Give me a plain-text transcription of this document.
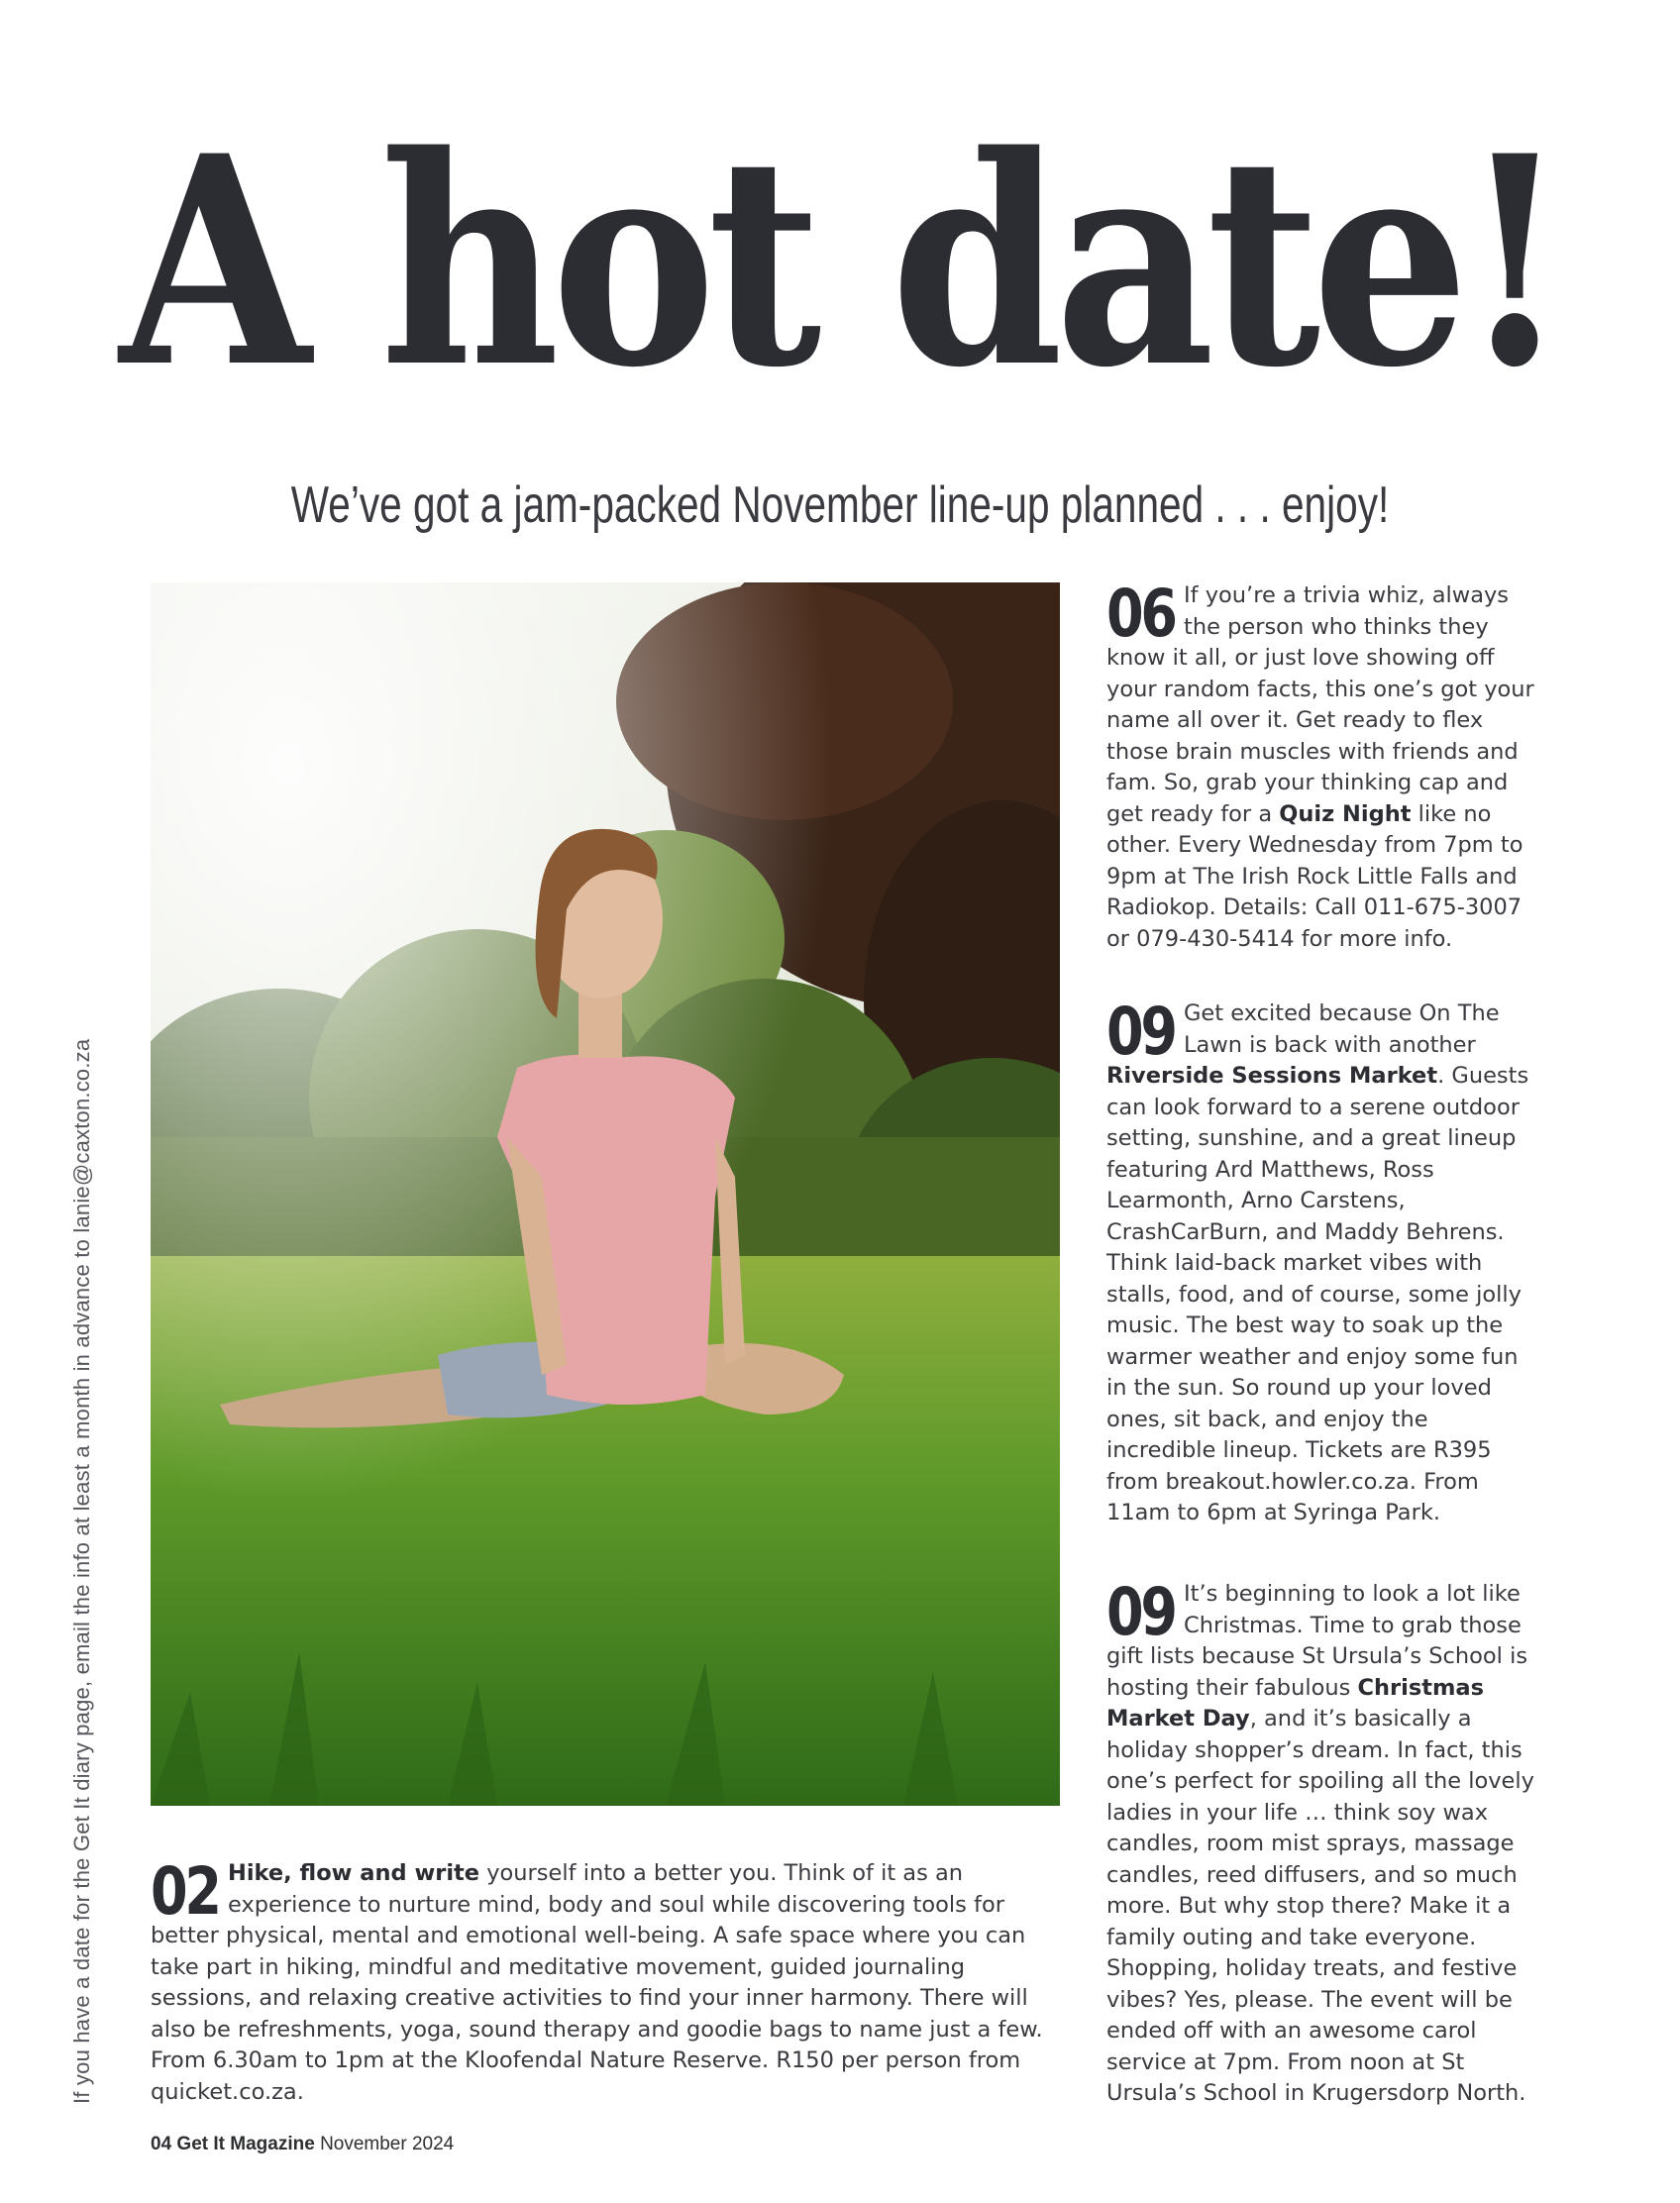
A hot date!
We’ve got a jam-packed November line-up planned . . . enjoy!
If you have a date for the Get It diary page, email the info at least a month in advance to lanie@caxton.co.za
06 If you’re a trivia whiz, always the person who thinks they know it all, or just love showing off your random facts, this one’s got your name all over it. Get ready to flex those brain muscles with friends and fam. So, grab your thinking cap and get ready for a Quiz Night like no other. Every Wednesday from 7pm to 9pm at The Irish Rock Little Falls and Radiokop. Details: Call 011-675-3007 or 079-430-5414 for more info.
09 Get excited because On The Lawn is back with another Riverside Sessions Market. Guests can look forward to a serene outdoor setting, sunshine, and a great lineup featuring Ard Matthews, Ross Learmonth, Arno Carstens, CrashCarBurn, and Maddy Behrens. Think laid-back market vibes with stalls, food, and of course, some jolly music. The best way to soak up the warmer weather and enjoy some fun in the sun. So round up your loved ones, sit back, and enjoy the incredible lineup. Tickets are R395 from breakout.howler.co.za. From 11am to 6pm at Syringa Park.
09 It’s beginning to look a lot like Christmas. Time to grab those gift lists because St Ursula’s School is hosting their fabulous Christmas Market Day, and it’s basically a holiday shopper’s dream. In fact, this one’s perfect for spoiling all the lovely ladies in your life … think soy wax candles, room mist sprays, massage candles, reed diffusers, and so much more. But why stop there? Make it a family outing and take everyone. Shopping, holiday treats, and festive vibes? Yes, please. The event will be ended off with an awesome carol service at 7pm. From noon at St Ursula’s School in Krugersdorp North.
02 Hike, flow and write yourself into a better you. Think of it as an experience to nurture mind, body and soul while discovering tools for better physical, mental and emotional well-being. A safe space where you can take part in hiking, mindful and meditative movement, guided journaling sessions, and relaxing creative activities to find your inner harmony. There will also be refreshments, yoga, sound therapy and goodie bags to name just a few. From 6.30am to 1pm at the Kloofendal Nature Reserve. R150 per person from quicket.co.za.
04 Get It Magazine November 2024
